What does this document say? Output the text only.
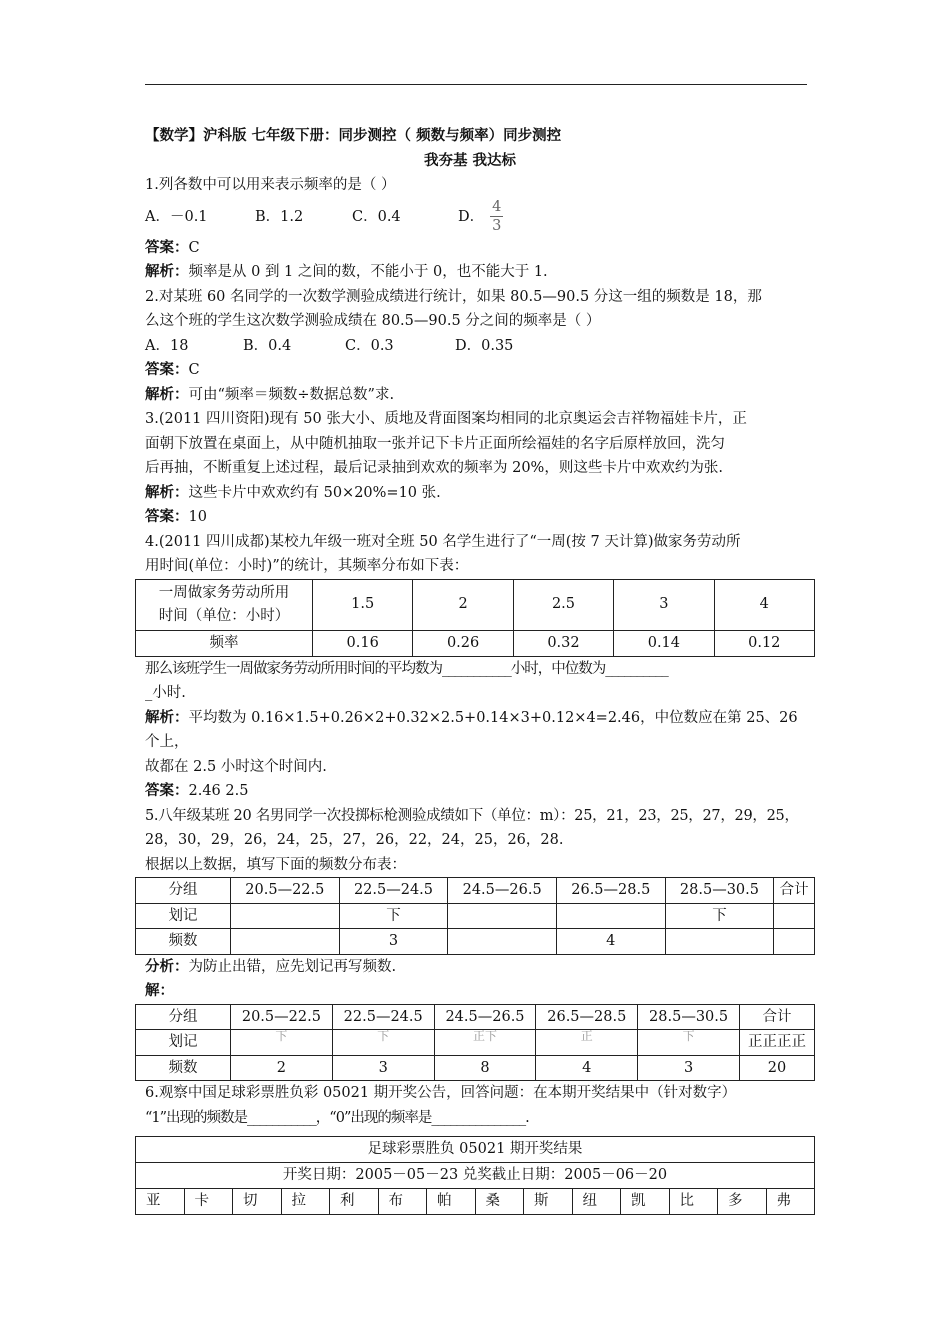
【数学】沪科版 七年级下册：同步测控（ 频数与频率）同步测控
我夯基 我达标
1.列各数中可以用来表示频率的是（ ）
A．－0.1	B．1.2	C．0.4	D． $\frac{4}{3}$
答案：C
解析：频率是从 0 到 1 之间的数，不能小于 0，也不能大于 1.
2.对某班 60 名同学的一次数学测验成绩进行统计，如果 80.5—90.5 分这一组的频数是 18，那
么这个班的学生这次数学测验成绩在 80.5—90.5 分之间的频率是（ ）
A．18	B．0.4	C．0.3	D．0.35
答案：C
解析：可由“频率＝频数÷数据总数”求.
3.(2011 四川资阳)现有 50 张大小、质地及背面图案均相同的北京奥运会吉祥物福娃卡片，正
面朝下放置在桌面上，从中随机抽取一张并记下卡片正面所绘福娃的名字后原样放回，洗匀
后再抽，不断重复上述过程，最后记录抽到欢欢的频率为 20%，则这些卡片中欢欢约为张.
解析：这些卡片中欢欢约有 50×20%=10 张.
答案：10
4.(2011 四川成都)某校九年级一班对全班 50 名学生进行了“一周(按 7 天计算)做家务劳动所
用时间(单位：小时)”的统计，其频率分布如下表：
一周做家务劳动所用
时间（单位：小时）	1.5	2	2.5	3	4
频率	0.16	0.26	0.32	0.14	0.12
那么该班学生一周做家务劳动所用时间的平均数为___________小时，中位数为__________
_小时.
解析：平均数为 0.16×1.5+0.26×2+0.32×2.5+0.14×3+0.12×4=2.46，中位数应在第 25、26 个上，
故都在 2.5 小时这个时间内.
答案：2.46 2.5
5.八年级某班 20 名男同学一次投掷标枪测验成绩如下（单位：m）：25，21，23，25，27，29，25，
28，30，29，26，24，25，27，26，22，24，25，26，28.
根据以上数据，填写下面的频数分布表：
分组	20.5—22.5	22.5—24.5	24.5—26.5	26.5—28.5	28.5—30.5	合计
划记		下			下	
频数		3		4		
分析：为防止出错，应先划记再写频数.
解：
分组	20.5—22.5	22.5—24.5	24.5—26.5	26.5—28.5	28.5—30.5	合计
划记	下	下	正下	正	下	正正正正
频数	2	3	8	4	3	20
6.观察中国足球彩票胜负彩 05021 期开奖公告，回答问题：在本期开奖结果中（针对数字）
“1”出现的频数是___________，“0”出现的频率是_______________.
足球彩票胜负 05021 期开奖结果
开奖日期：2005－05－23 兑奖截止日期：2005－06－20
亚	卡	切	拉	利	布	帕	桑	斯	纽	凯	比	多	弗
